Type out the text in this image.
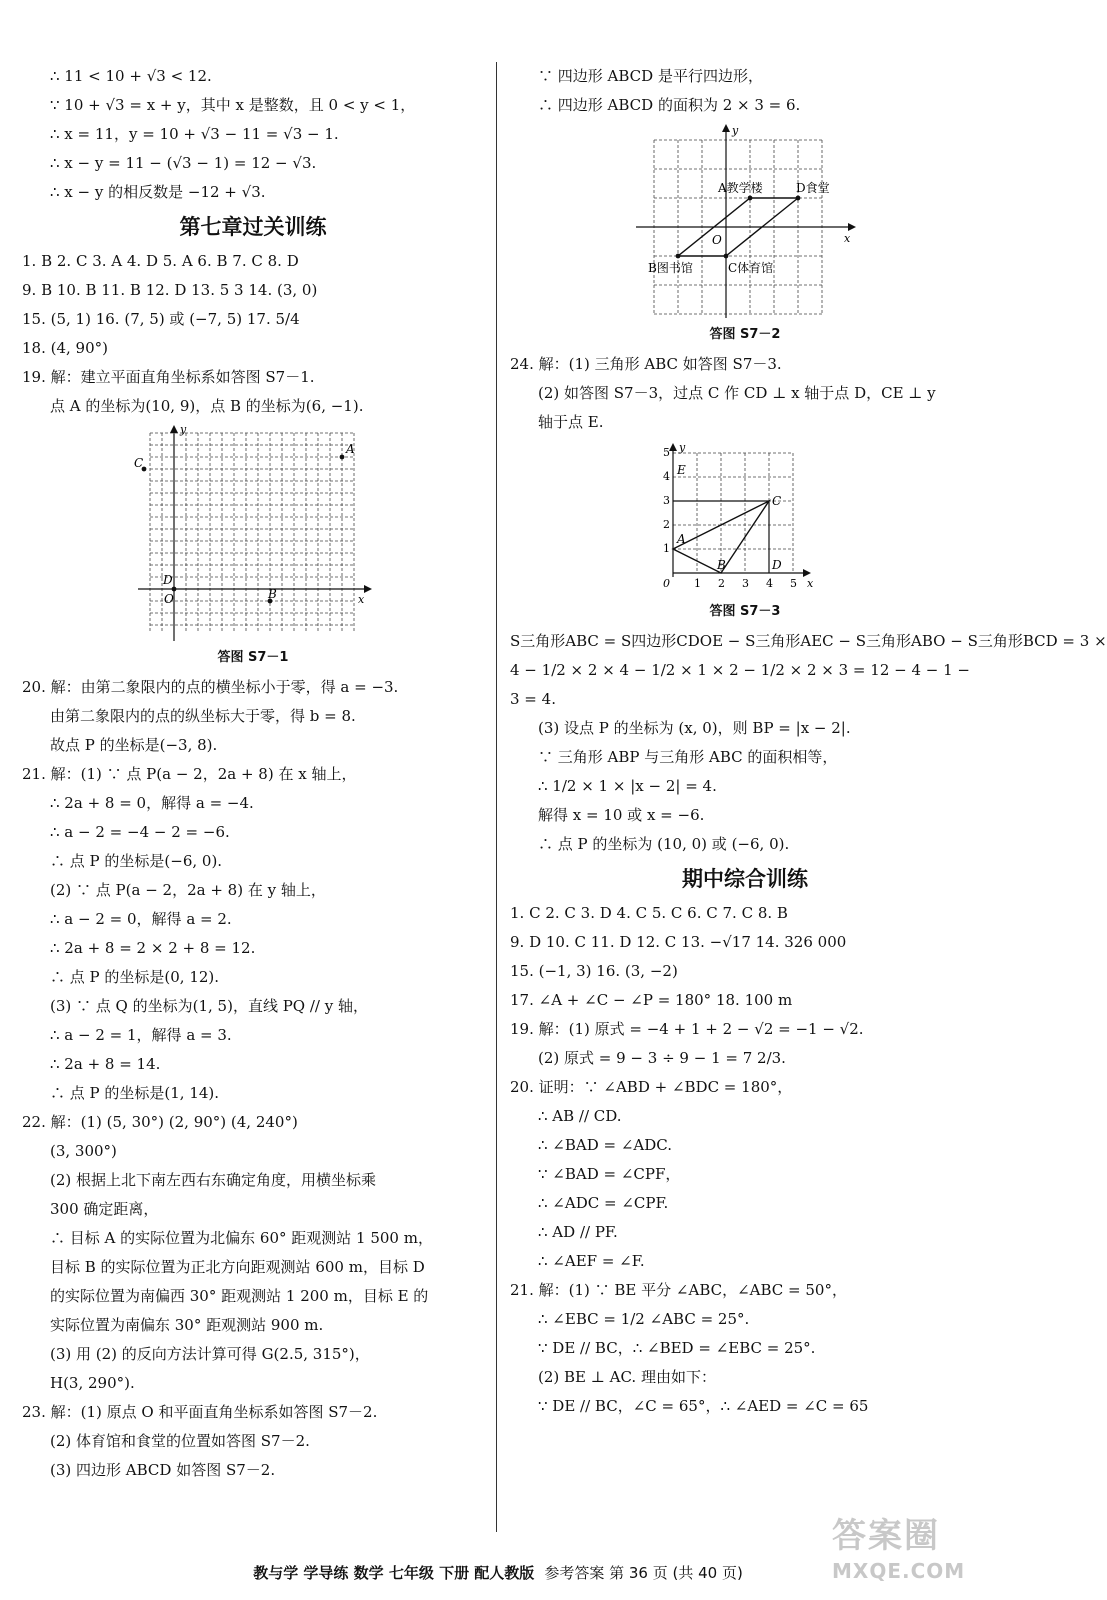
∴ 11 < 10 + √3 < 12.
∵ 10 + √3 = x + y，其中 x 是整数，且 0 < y < 1，
∴ x = 11，y = 10 + √3 − 11 = √3 − 1.
∴ x − y = 11 − (√3 − 1) = 12 − √3.
∴ x − y 的相反数是 −12 + √3.
第七章过关训练
1. B 2. C 3. A 4. D 5. A 6. B 7. C 8. D
9. B 10. B 11. B 12. D 13. 5 3 14. (3, 0)
15. (5, 1) 16. (7, 5) 或 (−7, 5) 17. 5/4
18. (4, 90°)
19. 解：建立平面直角坐标系如答图 S7－1.
点 A 的坐标为(10, 9)，点 B 的坐标为(6, −1).
y
x
C
A
D
O	B
答图 S7－1
20. 解：由第二象限内的点的横坐标小于零，得 a = −3.
由第二象限内的点的纵坐标大于零，得 b = 8.
故点 P 的坐标是(−3, 8).
21. 解：(1) ∵ 点 P(a − 2，2a + 8) 在 x 轴上，
∴ 2a + 8 = 0，解得 a = −4.
∴ a − 2 = −4 − 2 = −6.
∴ 点 P 的坐标是(−6, 0).
(2) ∵ 点 P(a − 2，2a + 8) 在 y 轴上，
∴ a − 2 = 0，解得 a = 2.
∴ 2a + 8 = 2 × 2 + 8 = 12.
∴ 点 P 的坐标是(0, 12).
(3) ∵ 点 Q 的坐标为(1, 5)，直线 PQ // y 轴，
∴ a − 2 = 1，解得 a = 3.
∴ 2a + 8 = 14.
∴ 点 P 的坐标是(1, 14).
22. 解：(1) (5, 30°) (2, 90°) (4, 240°)
(3, 300°)
(2) 根据上北下南左西右东确定角度，用横坐标乘
300 确定距离，
∴ 目标 A 的实际位置为北偏东 60° 距观测站 1 500 m，
目标 B 的实际位置为正北方向距观测站 600 m，目标 D
的实际位置为南偏西 30° 距观测站 1 200 m，目标 E 的
实际位置为南偏东 30° 距观测站 900 m.
(3) 用 (2) 的反向方法计算可得 G(2.5, 315°)，
H(3, 290°).
23. 解：(1) 原点 O 和平面直角坐标系如答图 S7－2.
(2) 体育馆和食堂的位置如答图 S7－2.
(3) 四边形 ABCD 如答图 S7－2.
∵ 四边形 ABCD 是平行四边形，
∴ 四边形 ABCD 的面积为 2 × 3 = 6.
y
x
A教学楼	D食堂
B图书馆	C体育馆
O
答图 S7－2
24. 解：(1) 三角形 ABC 如答图 S7－3.
(2) 如答图 S7－3，过点 C 作 CD ⊥ x 轴于点 D，CE ⊥ y
轴于点 E.
y
x
5
4
3
2
1
0 1 2 3 4 5
A
B
C
D
E
答图 S7－3
S三角形ABC = S四边形CDOE − S三角形AEC − S三角形ABO − S三角形BCD = 3 ×
4 − 1/2 × 2 × 4 − 1/2 × 1 × 2 − 1/2 × 2 × 3 = 12 − 4 − 1 −
3 = 4.
(3) 设点 P 的坐标为 (x, 0)，则 BP = |x − 2|.
∵ 三角形 ABP 与三角形 ABC 的面积相等，
∴ 1/2 × 1 × |x − 2| = 4.
解得 x = 10 或 x = −6.
∴ 点 P 的坐标为 (10, 0) 或 (−6, 0).
期中综合训练
1. C 2. C 3. D 4. C 5. C 6. C 7. C 8. B
9. D 10. C 11. D 12. C 13. −√17 14. 326 000
15. (−1, 3) 16. (3, −2)
17. ∠A + ∠C − ∠P = 180° 18. 100 m
19. 解：(1) 原式 = −4 + 1 + 2 − √2 = −1 − √2.
(2) 原式 = 9 − 3 ÷ 9 − 1 = 7 2/3.
20. 证明：∵ ∠ABD + ∠BDC = 180°，
∴ AB // CD.
∴ ∠BAD = ∠ADC.
∵ ∠BAD = ∠CPF，
∴ ∠ADC = ∠CPF.
∴ AD // PF.
∴ ∠AEF = ∠F.
21. 解：(1) ∵ BE 平分 ∠ABC，∠ABC = 50°，
∴ ∠EBC = 1/2 ∠ABC = 25°.
∵ DE // BC，∴ ∠BED = ∠EBC = 25°.
(2) BE ⊥ AC. 理由如下：
∵ DE // BC，∠C = 65°，∴ ∠AED = ∠C = 65
答案圈
MXQE.COM
教与学 学导练 数学 七年级 下册 配人教版 参考答案 第 36 页 (共 40 页)
